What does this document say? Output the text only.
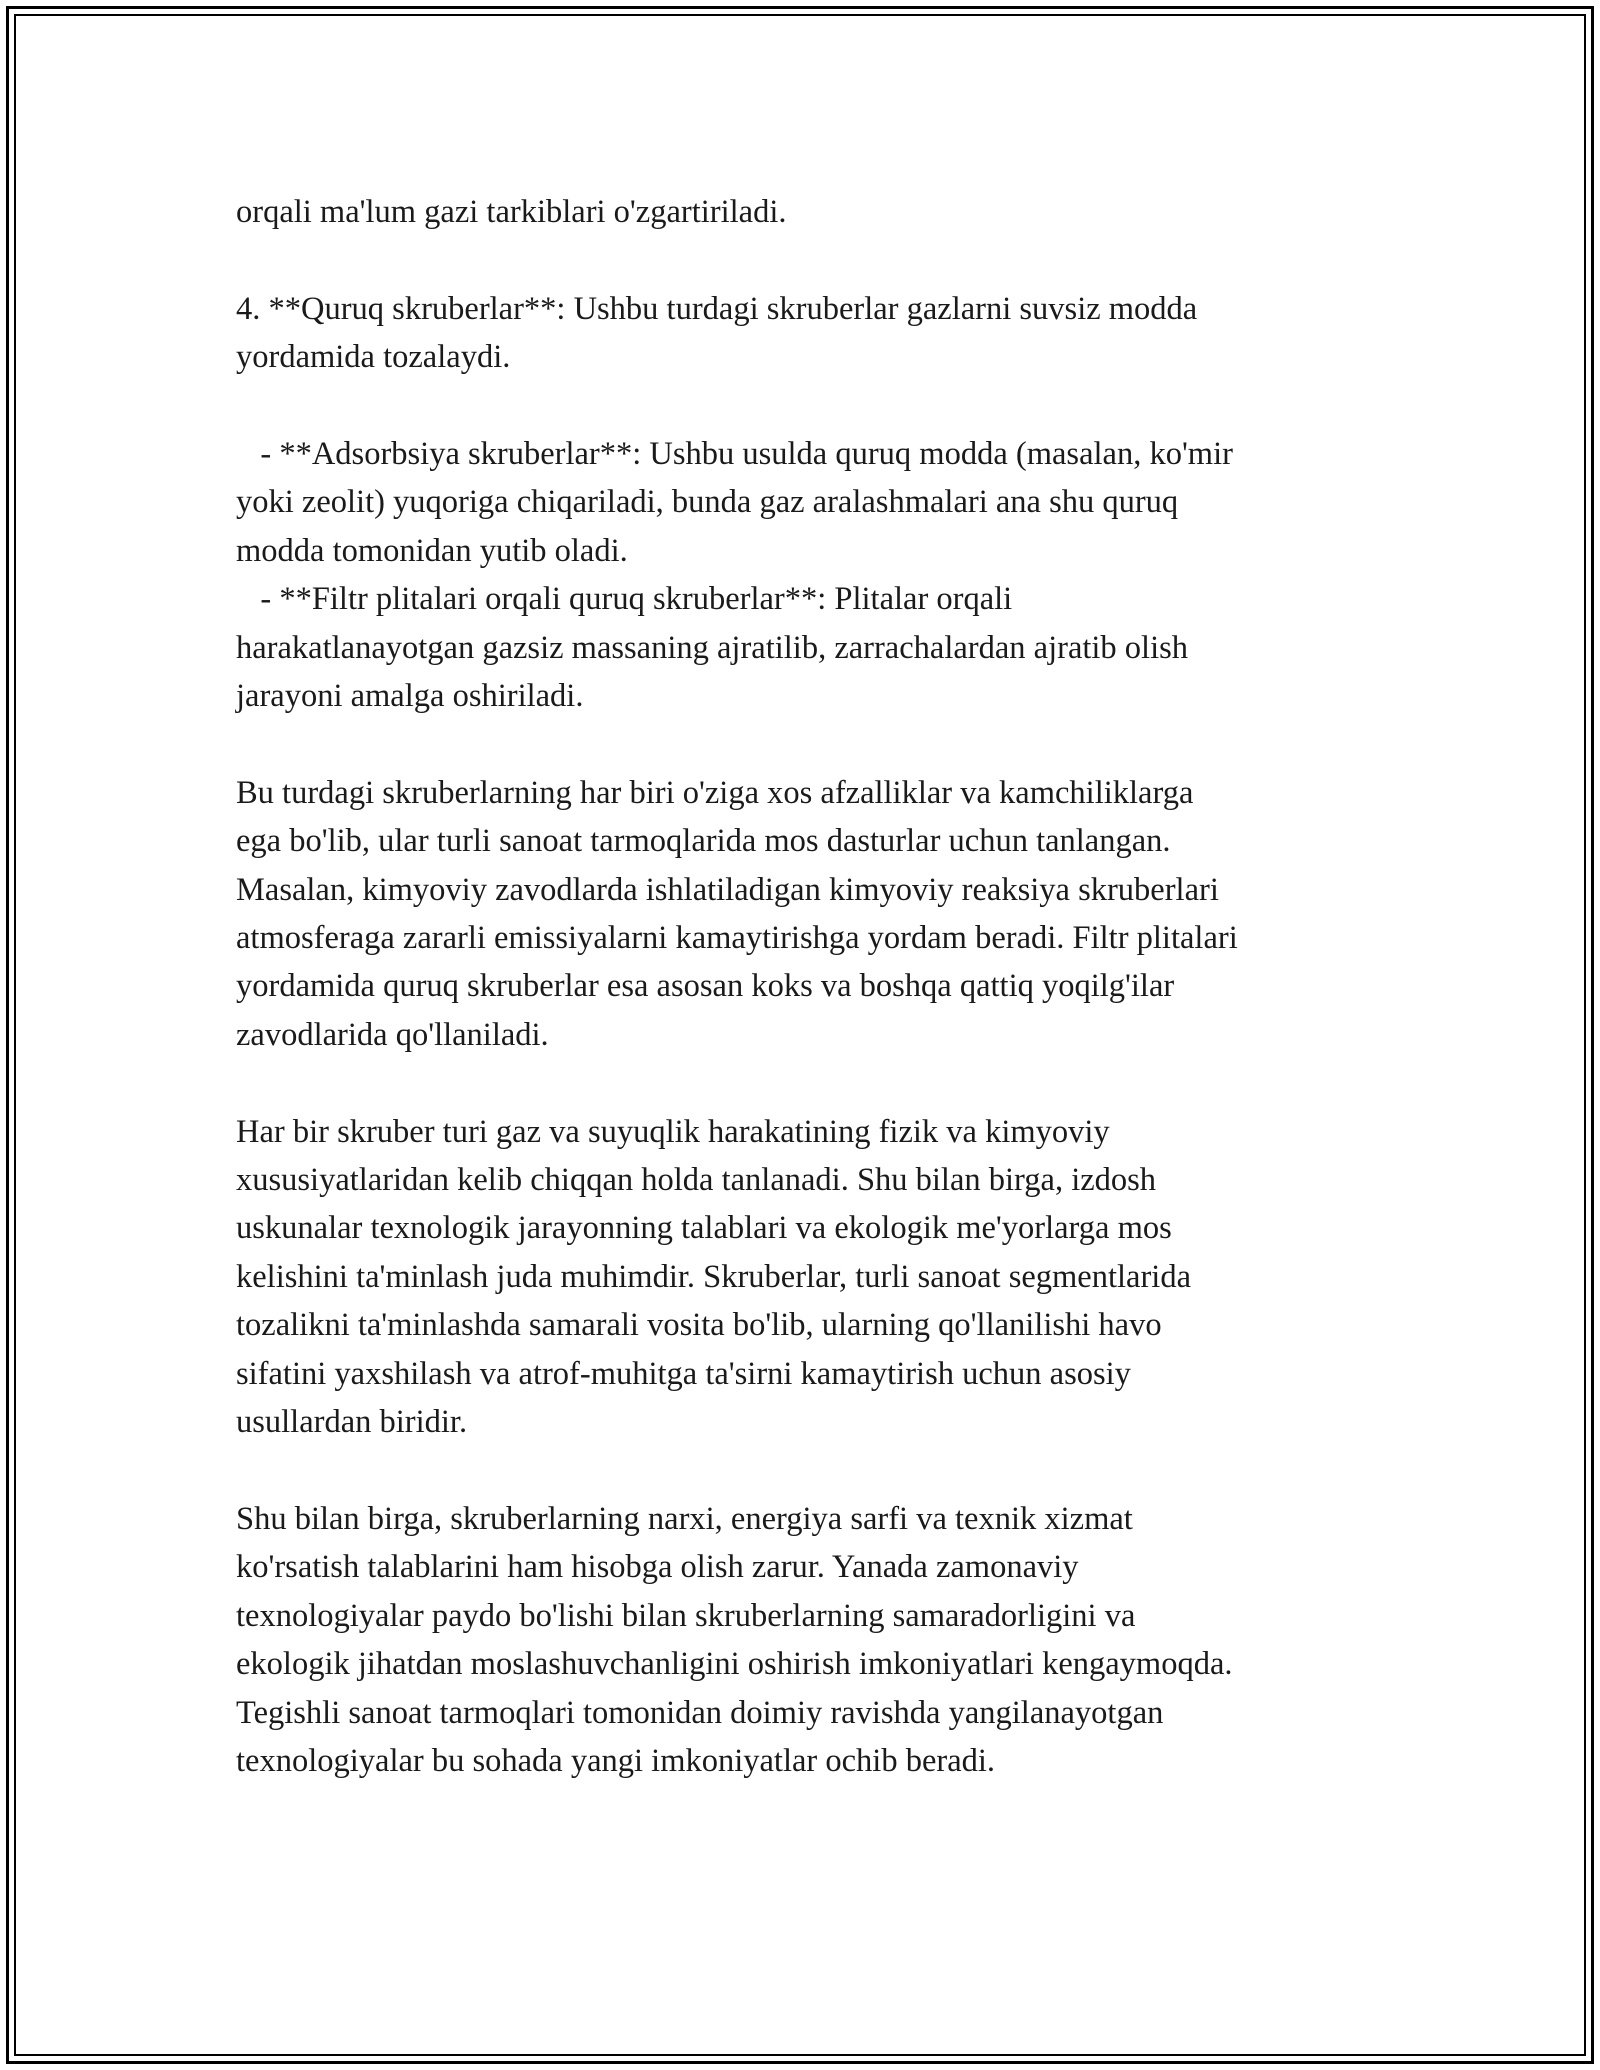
orqali ma'lum gazi tarkiblari o'zgartiriladi.
4. **Quruq skruberlar**: Ushbu turdagi skruberlar gazlarni suvsiz modda
yordamida tozalaydi.
- **Adsorbsiya skruberlar**: Ushbu usulda quruq modda (masalan, ko'mir
yoki zeolit) yuqoriga chiqariladi, bunda gaz aralashmalari ana shu quruq
modda tomonidan yutib oladi.
- **Filtr plitalari orqali quruq skruberlar**: Plitalar orqali
harakatlanayotgan gazsiz massaning ajratilib, zarrachalardan ajratib olish
jarayoni amalga oshiriladi.
Bu turdagi skruberlarning har biri o'ziga xos afzalliklar va kamchiliklarga
ega bo'lib, ular turli sanoat tarmoqlarida mos dasturlar uchun tanlangan.
Masalan, kimyoviy zavodlarda ishlatiladigan kimyoviy reaksiya skruberlari
atmosferaga zararli emissiyalarni kamaytirishga yordam beradi. Filtr plitalari
yordamida quruq skruberlar esa asosan koks va boshqa qattiq yoqilg'ilar
zavodlarida qo'llaniladi.
Har bir skruber turi gaz va suyuqlik harakatining fizik va kimyoviy
xususiyatlaridan kelib chiqqan holda tanlanadi. Shu bilan birga, izdosh
uskunalar texnologik jarayonning talablari va ekologik me'yorlarga mos
kelishini ta'minlash juda muhimdir. Skruberlar, turli sanoat segmentlarida
tozalikni ta'minlashda samarali vosita bo'lib, ularning qo'llanilishi havo
sifatini yaxshilash va atrof-muhitga ta'sirni kamaytirish uchun asosiy
usullardan biridir.
Shu bilan birga, skruberlarning narxi, energiya sarfi va texnik xizmat
ko'rsatish talablarini ham hisobga olish zarur. Yanada zamonaviy
texnologiyalar paydo bo'lishi bilan skruberlarning samaradorligini va
ekologik jihatdan moslashuvchanligini oshirish imkoniyatlari kengaymoqda.
Tegishli sanoat tarmoqlari tomonidan doimiy ravishda yangilanayotgan
texnologiyalar bu sohada yangi imkoniyatlar ochib beradi.
